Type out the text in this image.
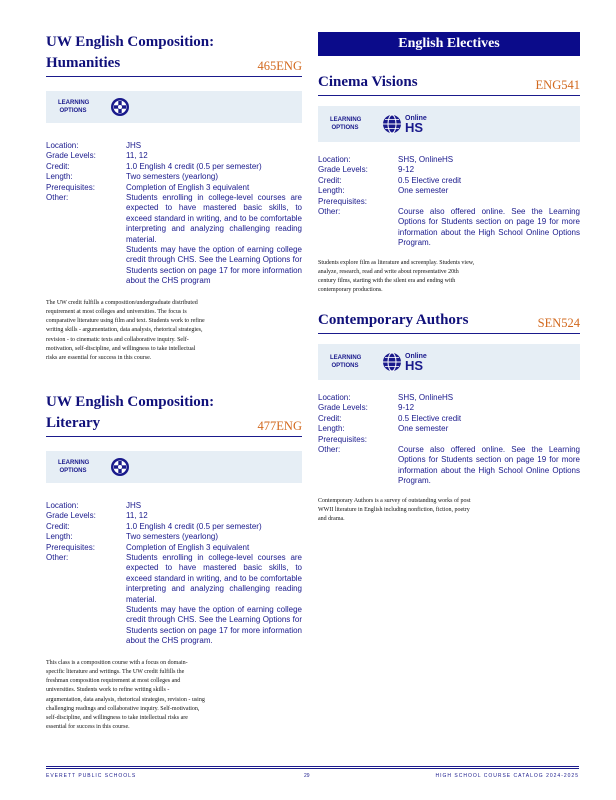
UW English Composition:
Humanities	465ENG
LEARNING OPTIONS
Location:	JHS
Grade Levels:	11, 12
Credit:	1.0 English 4 credit (0.5 per semester)
Length:	Two semesters (yearlong)
Prerequisites:	Completion of English 3 equivalent
Other:	Students enrolling in college-level courses are expected to have mastered basic skills, to exceed standard in writing, and to be comfortable interpreting and analyzing challenging reading material.
Students may have the option of earning college credit through CHS. See the Learning Options for Students section on page 17 for more information about the CHS program
The UW credit fulfills a composition/undergraduate distributed requirement at most colleges and universities. The focus is comparative literature using film and text. Students work to refine writing skills - argumentation, data analysis, rhetorical strategies, revision - to cinematic texts and collaborative inquiry. Self-motivation, self-discipline, and willingness to take intellectual risks are essential for success in this course.
UW English Composition:
Literary	477ENG
LEARNING OPTIONS
Location:	JHS
Grade Levels:	11, 12
Credit:	1.0 English 4 credit (0.5 per semester)
Length:	Two semesters (yearlong)
Prerequisites:	Completion of English 3 equivalent
Other:	Students enrolling in college-level courses are expected to have mastered basic skills, to exceed standard in writing, and to be comfortable interpreting and analyzing challenging reading material.
Students may have the option of earning college credit through CHS. See the Learning Options for Students section on page 17 for more information about the CHS program.
This class is a composition course with a focus on domain-specific literature and writings. The UW credit fulfills the freshman composition requirement at most colleges and universities. Students work to refine writing skills - argumentation, data analysis, rhetorical strategies, revision - using challenging readings and collaborative inquiry. Self-motivation, self-discipline, and willingness to take intellectual risks are essential for success in this course.
English Electives
Cinema Visions	ENG541
LEARNING OPTIONS
Online
HS
Location:	SHS, OnlineHS
Grade Levels:	9-12
Credit:	0.5 Elective credit
Length:	One semester
Prerequisites:
Other:	Course also offered online. See the Learning Options for Students section on page 19 for more information about the High School Online Options Program.
Students explore film as literature and screenplay. Students view, analyze, research, read and write about representative 20th century films, starting with the silent era and ending with contemporary productions.
Contemporary Authors	SEN524
LEARNING OPTIONS
Online
HS
Location:	SHS, OnlineHS
Grade Levels:	9-12
Credit:	0.5 Elective credit
Length:	One semester
Prerequisites:
Other:	Course also offered online. See the Learning Options for Students section on page 19 for more information about the High School Online Options Program.
Contemporary Authors is a survey of outstanding works of post WWII literature in English including nonfiction, fiction, poetry and drama.
EVERETT PUBLIC SCHOOLS	29	HIGH SCHOOL COURSE CATALOG 2024-2025
